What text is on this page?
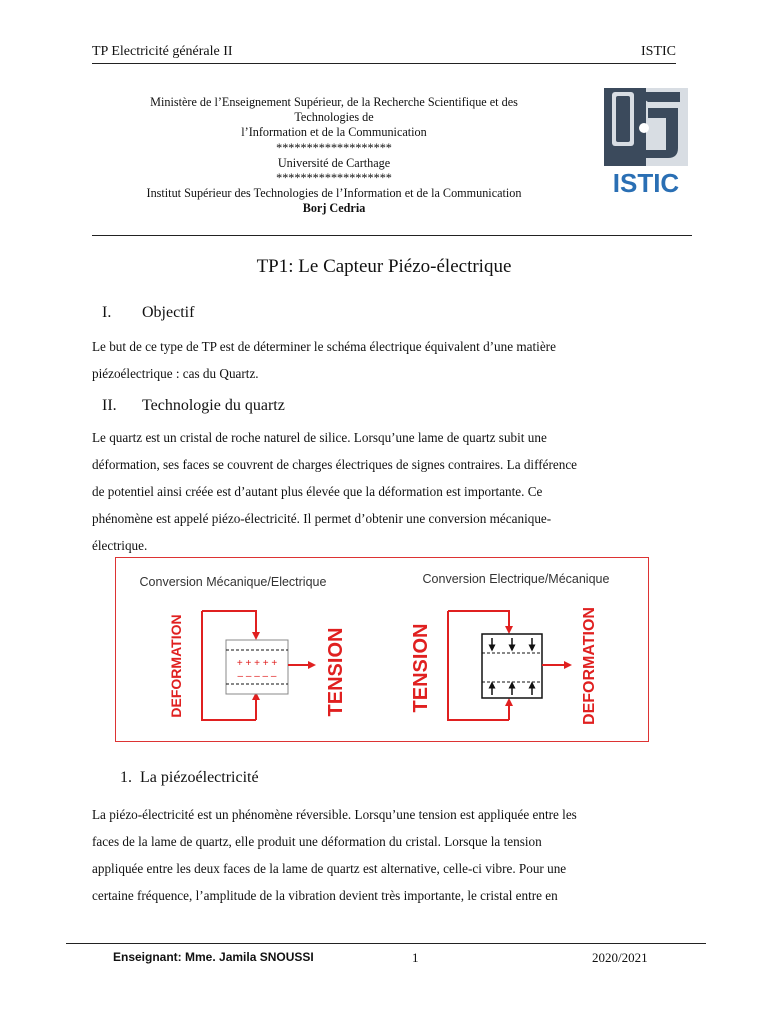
TP Electricité générale II	ISTIC
Ministère de l’Enseignement Supérieur, de la Recherche Scientifique et des
Technologies de
l’Information et de la Communication
*******************
Université de Carthage
*******************
Institut Supérieur des Technologies de l’Information et de la Communication
Borj Cedria
ISTIC
TP1: Le Capteur Piézo-électrique
I. Objectif
Le but de ce type de TP est de déterminer le schéma électrique équivalent d’une matière
piézoélectrique : cas du Quartz.
II. Technologie du quartz
Le quartz est un cristal de roche naturel de silice. Lorsqu’une lame de quartz subit une
déformation, ses faces se couvrent de charges électriques de signes contraires. La différence
de potentiel ainsi créée est d’autant plus élevée que la déformation est importante. Ce
phénomène est appelé piézo-électricité. Il permet d’obtenir une conversion mécanique-
électrique.
Conversion Mécanique/Electrique
+ + + + +
– – – – –
DEFORMATION	TENSION
Conversion Electrique/Mécanique
TENSION	DEFORMATION
1. La piézoélectricité
La piézo-électricité est un phénomène réversible. Lorsqu’une tension est appliquée entre les
faces de la lame de quartz, elle produit une déformation du cristal. Lorsque la tension
appliquée entre les deux faces de la lame de quartz est alternative, celle-ci vibre. Pour une
certaine fréquence, l’amplitude de la vibration devient très importante, le cristal entre en
Enseignant: Mme. Jamila SNOUSSI	1	2020/2021
